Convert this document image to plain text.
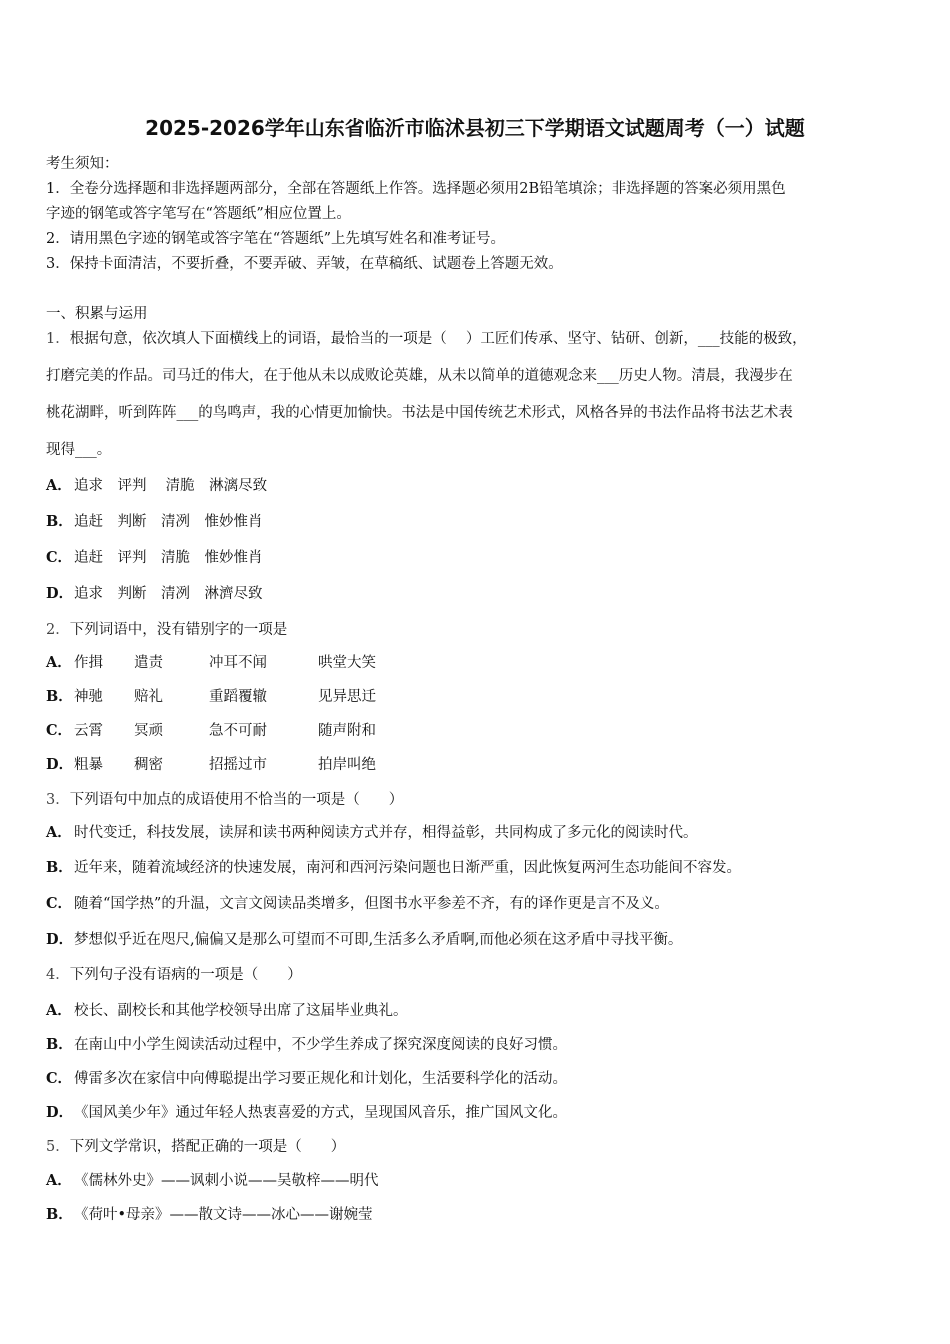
2025-2026学年山东省临沂市临沭县初三下学期语文试题周考（一）试题
考生须知：
1．全卷分选择题和非选择题两部分，全部在答题纸上作答。选择题必须用2B铅笔填涂；非选择题的答案必须用黑色
字迹的钢笔或答字笔写在“答题纸”相应位置上。
2．请用黑色字迹的钢笔或答字笔在“答题纸”上先填写姓名和准考证号。
3．保持卡面清洁，不要折叠，不要弄破、弄皱，在草稿纸、试题卷上答题无效。
一、积累与运用
1．根据句意，依次填人下面横线上的词语，最恰当的一项是（　 ）工匠们传承、坚守、钻研、创新，___技能的极致，
打磨完美的作品。司马迁的伟大，在于他从未以成败论英雄，从未以简单的道德观念来___历史人物。清晨，我漫步在
桃花湖畔，听到阵阵___的鸟鸣声，我的心情更加愉快。书法是中国传统艺术形式，风格各异的书法作品将书法艺术表
现得___。
A． 追求　评判　 清脆　淋漓尽致
B．追赶　判断　清冽　惟妙惟肖
C． 追赶　评判　清脆　惟妙惟肖
D．追求　判断　清冽　淋濟尽致
2．下列词语中，没有错别字的一项是
A． 作揖 遣责	冲耳不闻	哄堂大笑
B．神驰 赔礼	重蹈覆辙	见异思迁
C． 云霄 冥顽	急不可耐	随声附和
D．粗暴 稠密	招摇过市	拍岸叫绝
3．下列语句中加点的成语使用不恰当的一项是（　　）
A． 时代变迁，科技发展，读屏和读书两种阅读方式并存，相得益彰，共同构成了多元化的阅读时代。
B．近年来，随着流域经济的快速发展，南河和西河污染问题也日渐严重，因此恢复两河生态功能间不容发。
C． 随着“国学热”的升温，文言文阅读品类增多，但图书水平参差不齐，有的译作更是言不及义。
D．梦想似乎近在咫尺,偏偏又是那么可望而不可即,生活多么矛盾啊,而他必须在这矛盾中寻找平衡。
4．下列句子没有语病的一项是（　　）
A． 校长、副校长和其他学校领导出席了这届毕业典礼。
B．在南山中小学生阅读活动过程中，不少学生养成了探究深度阅读的良好习惯。
C． 傅雷多次在家信中向傅聪提出学习要正规化和计划化，生活要科学化的活动。
D．《国风美少年》通过年轻人热衷喜爱的方式，呈现国风音乐，推广国风文化。
5．下列文学常识，搭配正确的一项是（　　）
A． 《儒林外史》——讽刺小说——吴敬梓——明代
B．《荷叶•母亲》——散文诗——冰心——谢婉莹
